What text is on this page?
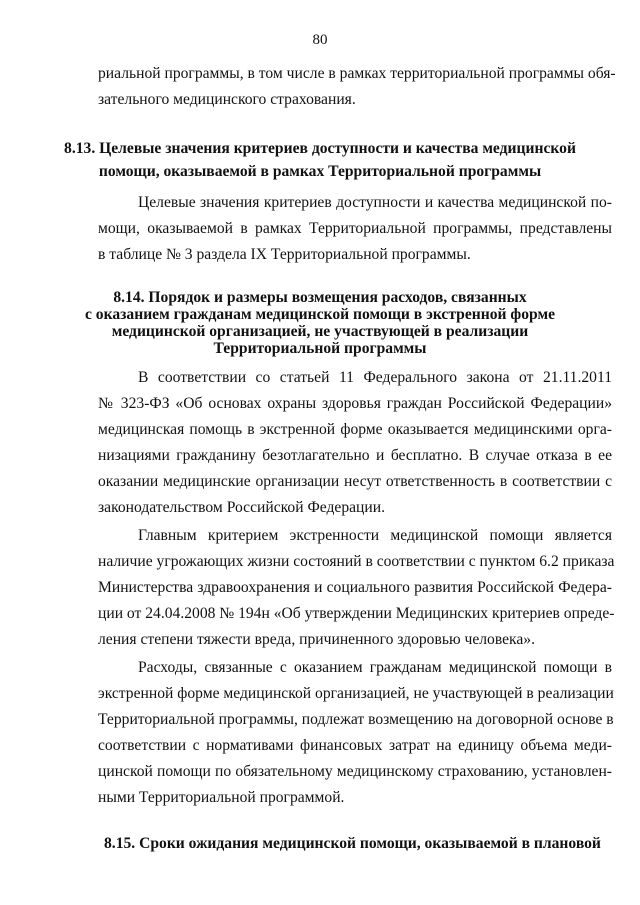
80
риальной программы, в том числе в рамках территориальной программы обя-
зательного медицинского страхования.
8.13. Целевые значения критериев доступности и качества медицинской
помощи, оказываемой в рамках Территориальной программы
Целевые значения критериев доступности и качества медицинской по-
мощи, оказываемой в рамках Территориальной программы, представлены
в таблице № 3 раздела IX Территориальной программы.
8.14. Порядок и размеры возмещения расходов, связанных
с оказанием гражданам медицинской помощи в экстренной форме
медицинской организацией, не участвующей в реализации
Территориальной программы
В соответствии со статьей 11 Федерального закона от 21.11.2011
№ 323-ФЗ «Об основах охраны здоровья граждан Российской Федерации»
медицинская помощь в экстренной форме оказывается медицинскими орга-
низациями гражданину безотлагательно и бесплатно. В случае отказа в ее
оказании медицинские организации несут ответственность в соответствии с
законодательством Российской Федерации.
Главным критерием экстренности медицинской помощи является
наличие угрожающих жизни состояний в соответствии с пунктом 6.2 приказа
Министерства здравоохранения и социального развития Российской Федера-
ции от 24.04.2008 № 194н «Об утверждении Медицинских критериев опреде-
ления степени тяжести вреда, причиненного здоровью человека».
Расходы, связанные с оказанием гражданам медицинской помощи в
экстренной форме медицинской организацией, не участвующей в реализации
Территориальной программы, подлежат возмещению на договорной основе в
соответствии с нормативами финансовых затрат на единицу объема меди-
цинской помощи по обязательному медицинскому страхованию, установлен-
ными Территориальной программой.
8.15. Сроки ожидания медицинской помощи, оказываемой в плановой
